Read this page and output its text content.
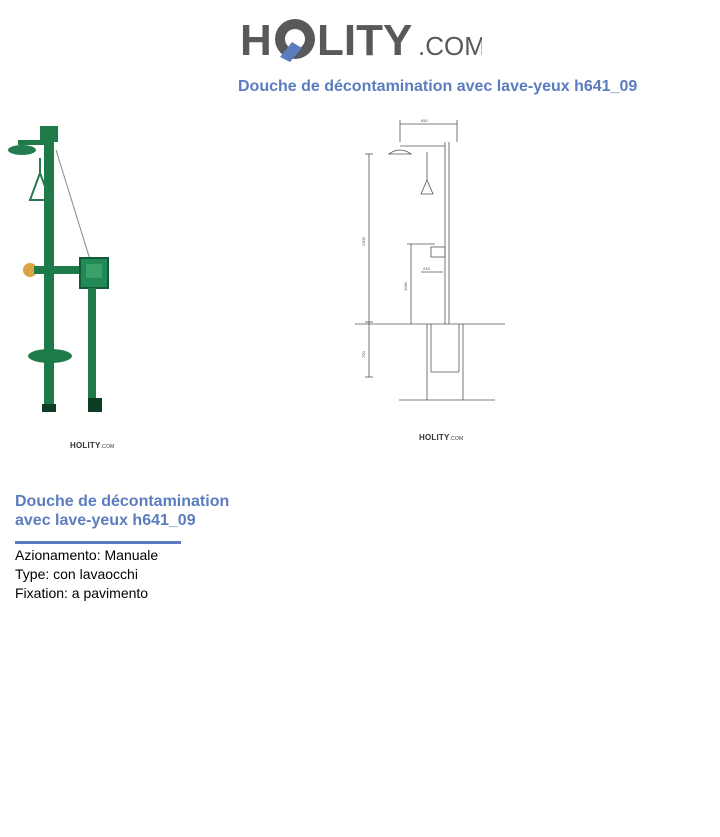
H LITY .COM
Douche de décontamination avec lave-yeux h641_09
650
2300
1080
245
700
HOLITY.COM
HOLITY.COM
Douche de décontamination avec lave-yeux h641_09
Azionamento: Manuale
Type: con lavaocchi
Fixation: a pavimento
